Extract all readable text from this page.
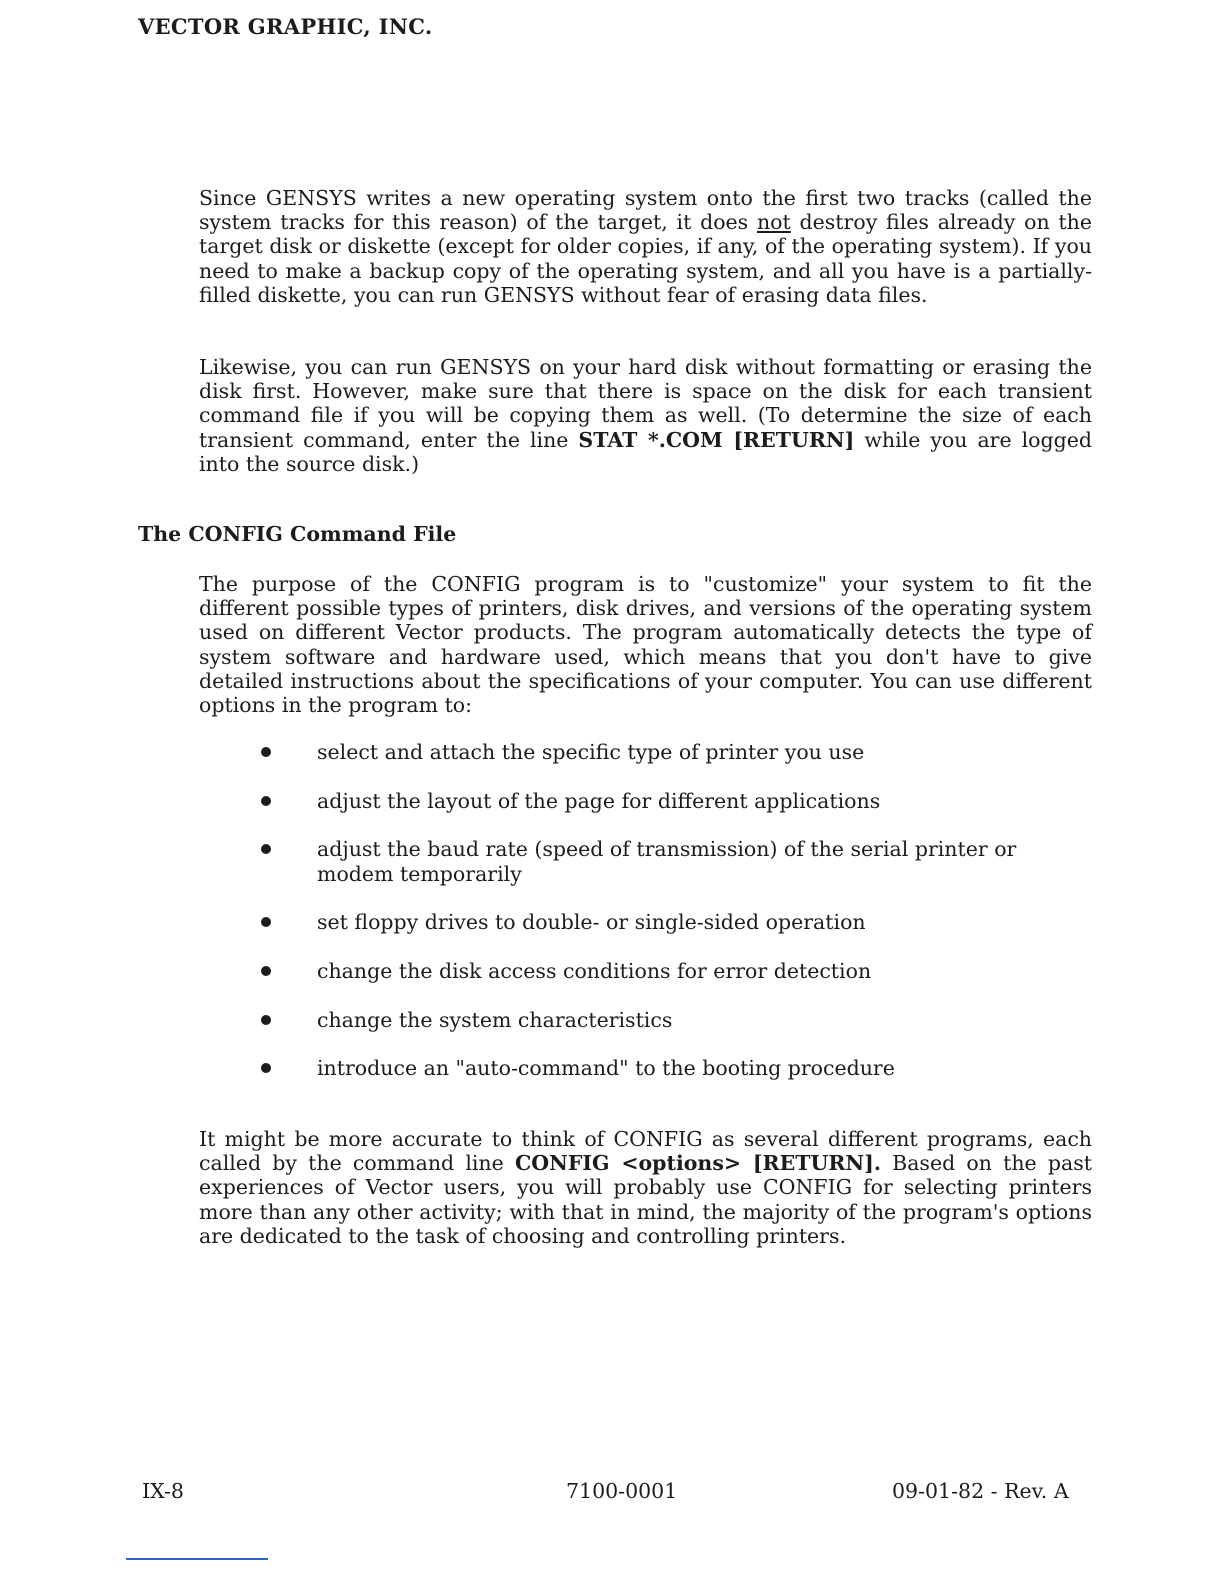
VECTOR GRAPHIC, INC.

Since GENSYS writes a new operating system onto the first two tracks (called the system tracks for this reason) of the target, it does not destroy files already on the target disk or diskette (except for older copies, if any, of the operating system). If you need to make a backup copy of the operating system, and all you have is a partially-filled diskette, you can run GENSYS without fear of erasing data files.

Likewise, you can run GENSYS on your hard disk without formatting or erasing the disk first. However, make sure that there is space on the disk for each transient command file if you will be copying them as well. (To determine the size of each transient command, enter the line STAT *.COM [RETURN] while you are logged into the source disk.)

The CONFIG Command File

The purpose of the CONFIG program is to "customize" your system to fit the different possible types of printers, disk drives, and versions of the operating system used on different Vector products. The program automatically detects the type of system software and hardware used, which means that you don't have to give detailed instructions about the specifications of your computer. You can use different options in the program to:

select and attach the specific type of printer you use
adjust the layout of the page for different applications
adjust the baud rate (speed of transmission) of the serial printer or modem temporarily
set floppy drives to double- or single-sided operation
change the disk access conditions for error detection
change the system characteristics
introduce an "auto-command" to the booting procedure

It might be more accurate to think of CONFIG as several different programs, each called by the command line CONFIG <options> [RETURN]. Based on the past experiences of Vector users, you will probably use CONFIG for selecting printers more than any other activity; with that in mind, the majority of the program's options are dedicated to the task of choosing and controlling printers.

IX-8	7100-0001	09-01-82 - Rev. A
